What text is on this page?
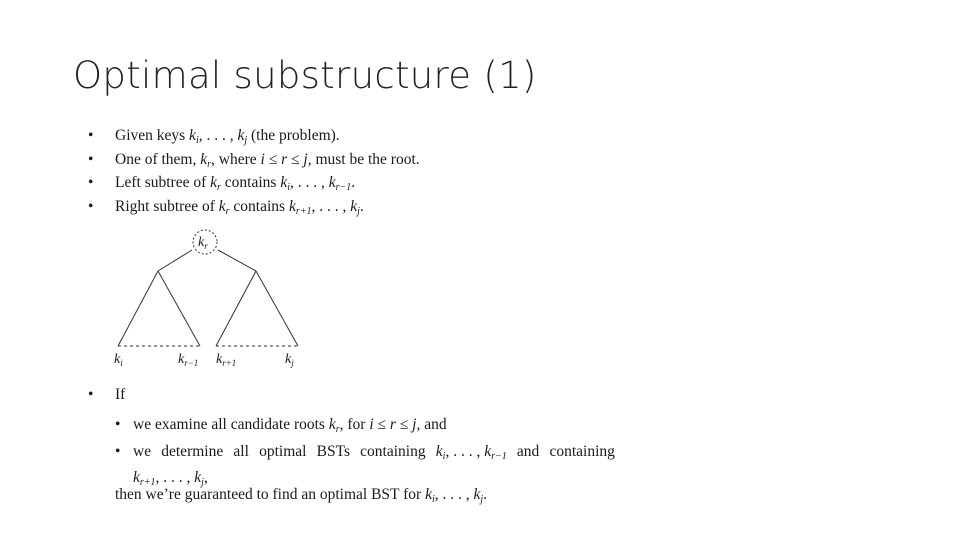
Optimal substructure (1)
• Given keys $k_i$, . . . , $k_j$ (the problem).
• One of them, $k_r$, where i ≤ r ≤ j, must be the root.
• Left subtree of $k_r$ contains $k_i$, . . . , $k_{r-1}$.
• Right subtree of $k_r$ contains $k_{r+1}$, . . . , $k_j$.
$k_r$
$k_i$	$k_{r-1}$ $k_{r+1}$	$k_j$
• If
• we examine all candidate roots $k_r$, for i ≤ r ≤ j, and
• we determine all optimal BSTs containing $k_i$, . . . , $k_{r-1}$ and containing
$k_{r+1}$, . . . , $k_j$,
then we’re guaranteed to find an optimal BST for $k_i$, . . . , $k_j$.
